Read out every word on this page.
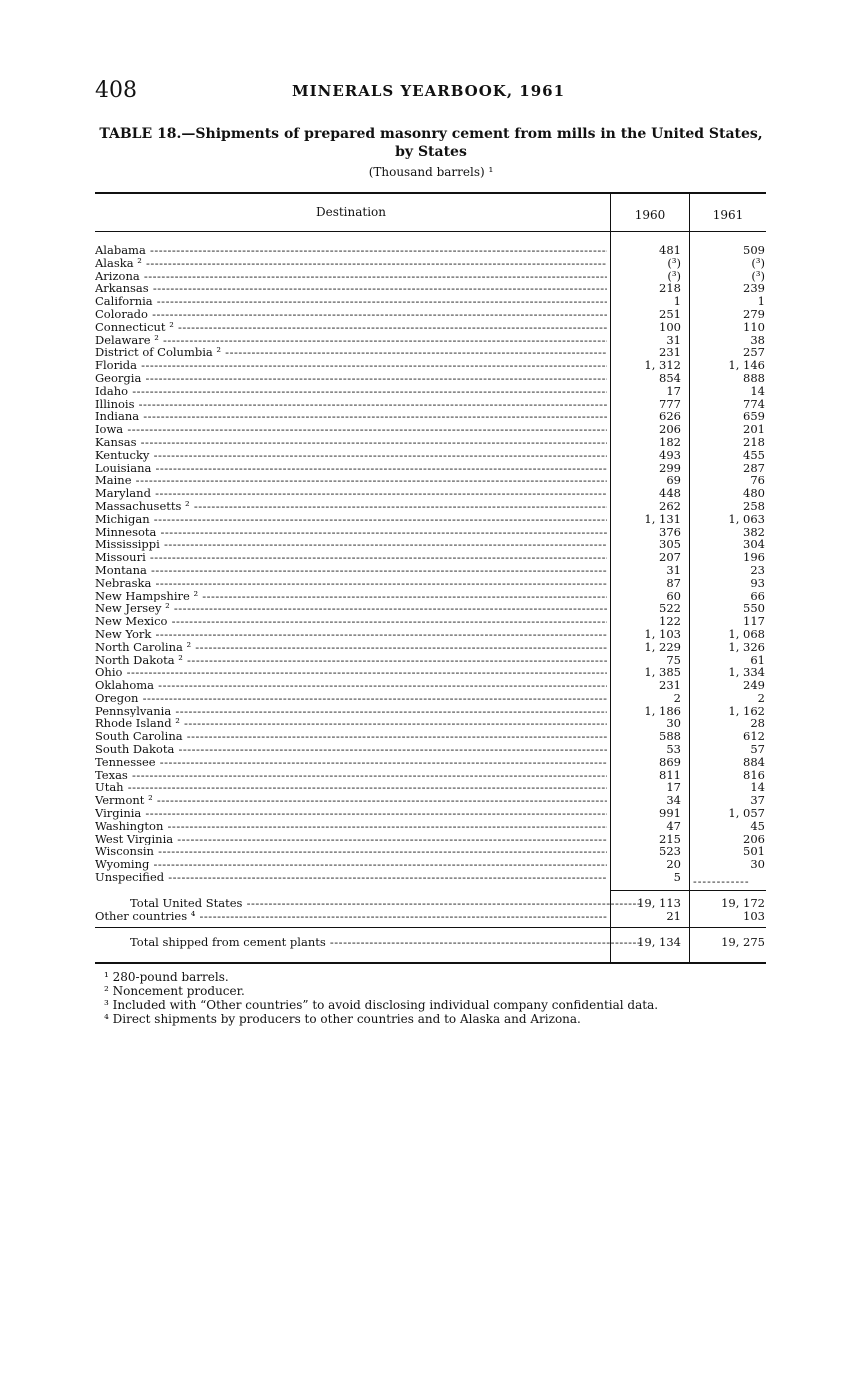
408	MINERALS YEARBOOK, 1961
TABLE 18.—Shipments of prepared masonry cement from mills in the United States, by States
(Thousand barrels) ¹
Destination	1960	1961
Alabama -----	481	509
Alaska ² -----	(³)	(³)
Arizona -----	(³)	(³)
Arkansas -----	218	239
California -----	1	1
Colorado -----	251	279
Connecticut ² -----	100	110
Delaware ² -----	31	38
District of Columbia ² -----	231	257
Florida -----	1, 312	1, 146
Georgia -----	854	888
Idaho -----	17	14
Illinois -----	777	774
Indiana -----	626	659
Iowa -----	206	201
Kansas -----	182	218
Kentucky -----	493	455
Louisiana -----	299	287
Maine -----	69	76
Maryland -----	448	480
Massachusetts ² -----	262	258
Michigan -----	1, 131	1, 063
Minnesota -----	376	382
Mississippi -----	305	304
Missouri -----	207	196
Montana -----	31	23
Nebraska -----	87	93
New Hampshire ² -----	60	66
New Jersey ² -----	522	550
New Mexico -----	122	117
New York -----	1, 103	1, 068
North Carolina ² -----	1, 229	1, 326
North Dakota ² -----	75	61
Ohio -----	1, 385	1, 334
Oklahoma -----	231	249
Oregon -----	2	2
Pennsylvania -----	1, 186	1, 162
Rhode Island ² -----	30	28
South Carolina -----	588	612
South Dakota -----	53	57
Tennessee -----	869	884
Texas -----	811	816
Utah -----	17	14
Vermont ² -----	34	37
Virginia -----	991	1, 057
Washington -----	47	45
West Virginia -----	215	206
Wisconsin -----	523	501
Wyoming -----	20	30
Unspecified -----	5 ------------
Total United States -----	19, 113	19, 172
Other countries ⁴ -----	21	103
Total shipped from cement plants -----	19, 134	19, 275
¹ 280-pound barrels.
² Noncement producer.
³ Included with “Other countries” to avoid disclosing individual company confidential data.
⁴ Direct shipments by producers to other countries and to Alaska and Arizona.
